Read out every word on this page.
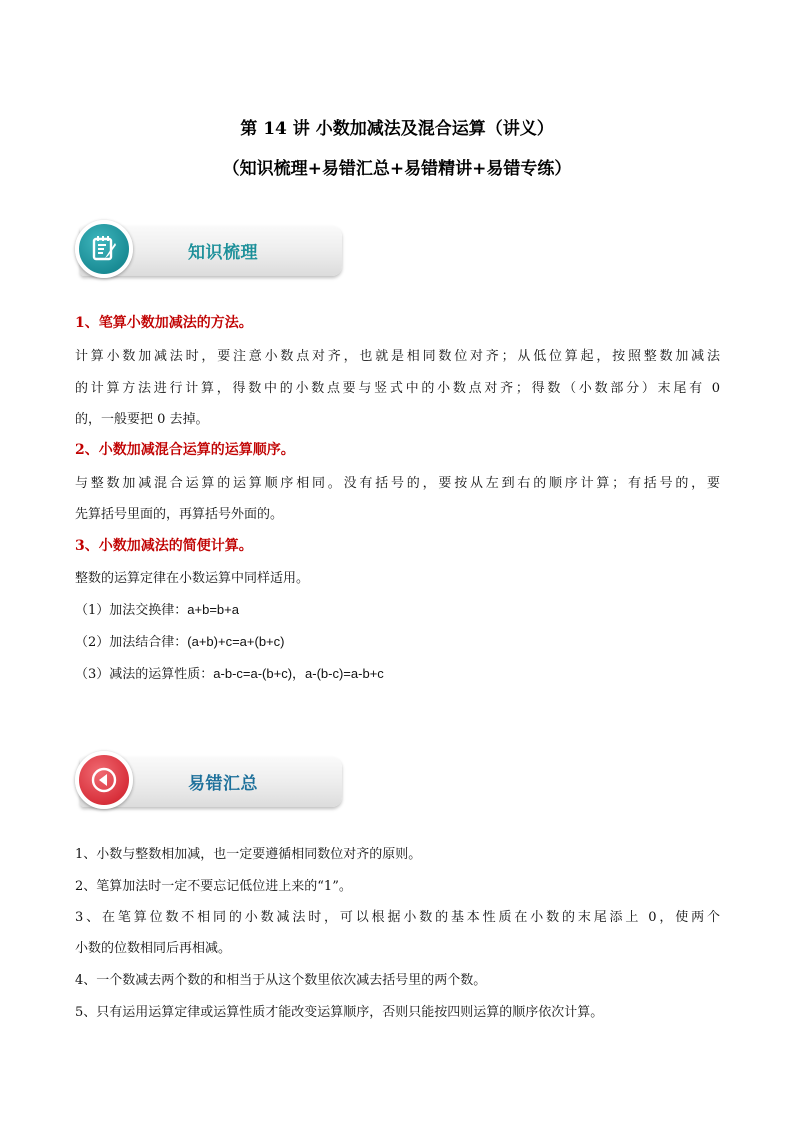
第 14 讲 小数加减法及混合运算（讲义）
（知识梳理+易错汇总+易错精讲+易错专练）
知识梳理
1、笔算小数加减法的方法。
计算小数加减法时，要注意小数点对齐，也就是相同数位对齐；从低位算起，按照整数加减法
的计算方法进行计算，得数中的小数点要与竖式中的小数点对齐；得数（小数部分）末尾有 0
的，一般要把 0 去掉。
2、小数加减混合运算的运算顺序。
与整数加减混合运算的运算顺序相同。没有括号的，要按从左到右的顺序计算；有括号的，要
先算括号里面的，再算括号外面的。
3、小数加减法的简便计算。
整数的运算定律在小数运算中同样适用。
（1）加法交换律：a+b=b+a
（2）加法结合律：(a+b)+c=a+(b+c)
（3）减法的运算性质：a-b-c=a-(b+c)，a-(b-c)=a-b+c
易错汇总
1、小数与整数相加减，也一定要遵循相同数位对齐的原则。
2、笔算加法时一定不要忘记低位进上来的“1”。
3、在笔算位数不相同的小数减法时，可以根据小数的基本性质在小数的末尾添上 0，使两个
小数的位数相同后再相减。
4、一个数减去两个数的和相当于从这个数里依次减去括号里的两个数。
5、只有运用运算定律或运算性质才能改变运算顺序，否则只能按四则运算的顺序依次计算。
